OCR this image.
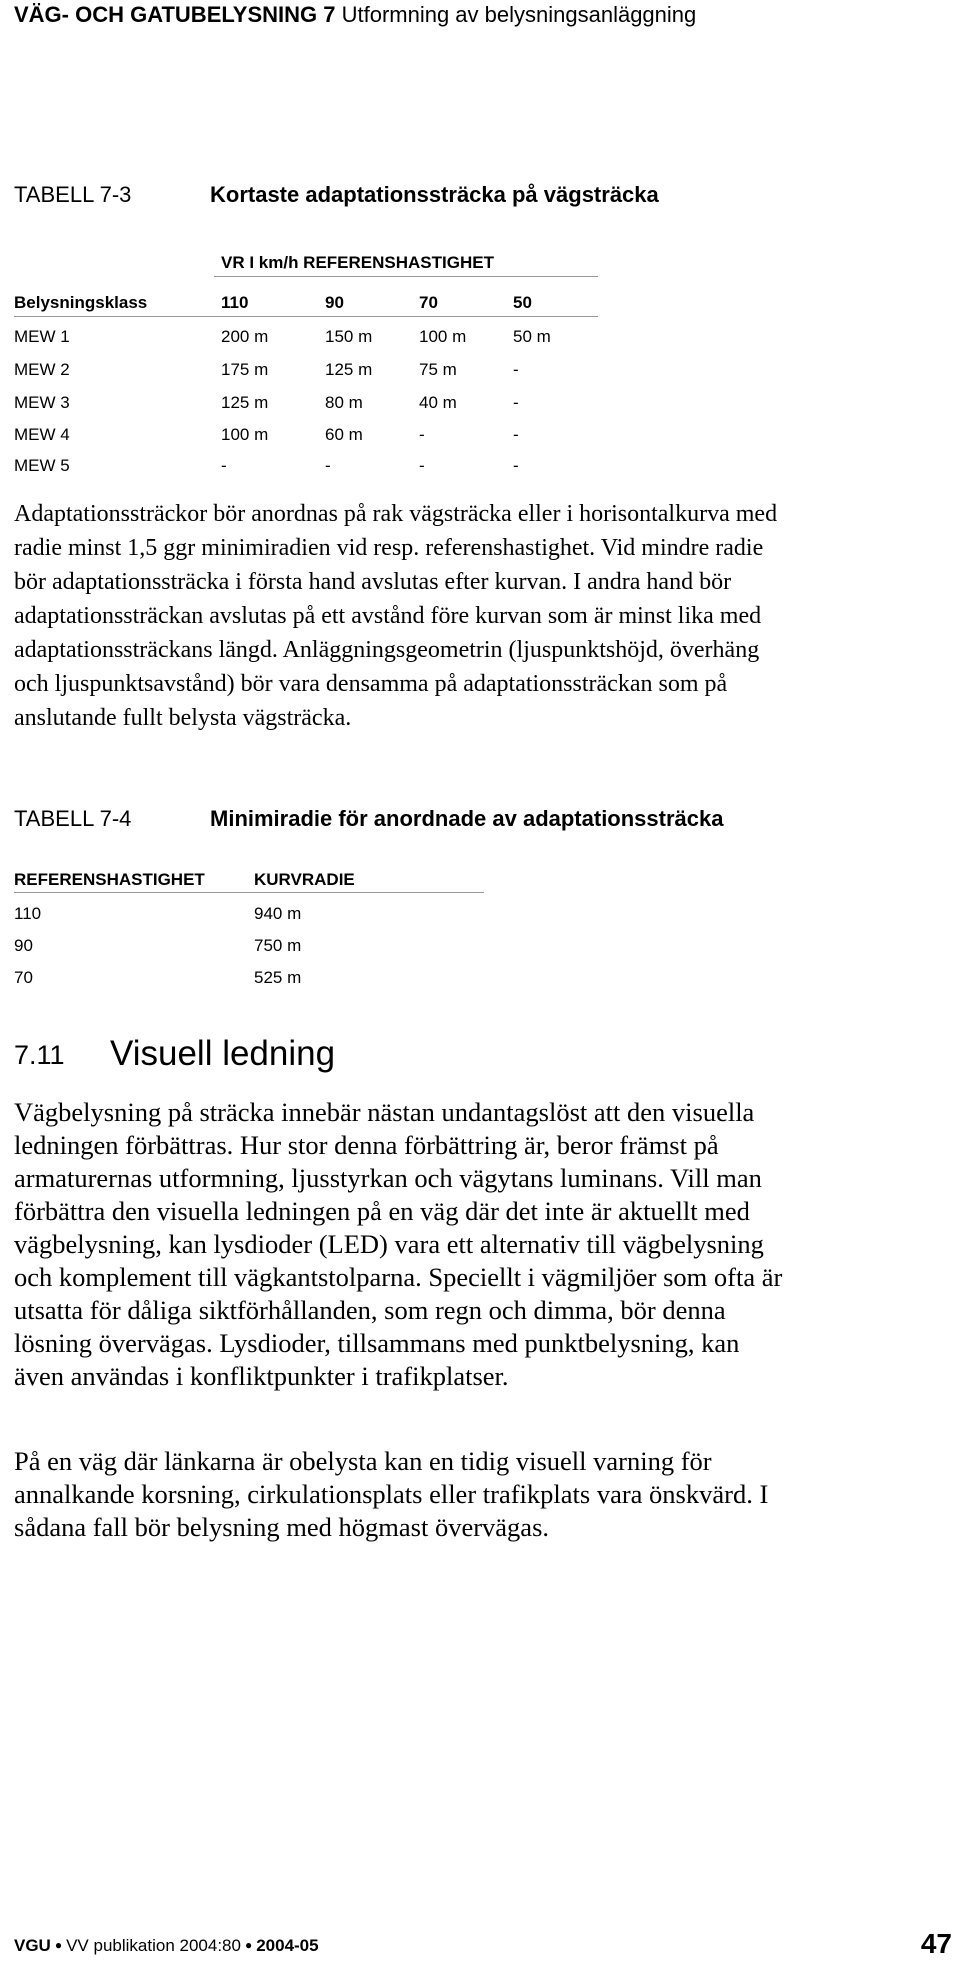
VÄG- OCH GATUBELYSNING 7 Utformning av belysningsanläggning
TABELL 7-3	Kortaste adaptationssträcka på vägsträcka
VR I km/h REFERENSHASTIGHET
Belysningsklass	110	90	70	50
MEW 1	200 m	150 m	100 m	50 m
MEW 2	175 m	125 m	75 m	-
MEW 3	125 m	80 m	40 m	-
MEW 4	100 m	60 m	-	-
MEW 5	-	-	-	-
Adaptationssträckor bör anordnas på rak vägsträcka eller i horisontalkurva med
radie minst 1,5 ggr minimiradien vid resp. referenshastighet. Vid mindre radie
bör adaptationssträcka i första hand avslutas efter kurvan. I andra hand bör
adaptationssträckan avslutas på ett avstånd före kurvan som är minst lika med
adaptationssträckans längd. Anläggningsgeometrin (ljuspunktshöjd, överhäng
och ljuspunktsavstånd) bör vara densamma på adaptationssträckan som på
anslutande fullt belysta vägsträcka.
TABELL 7-4	Minimiradie för anordnade av adaptationssträcka
REFERENSHASTIGHET	KURVRADIE
110	940 m
90	750 m
70	525 m
7.11 Visuell ledning
Vägbelysning på sträcka innebär nästan undantagslöst att den visuella
ledningen förbättras. Hur stor denna förbättring är, beror främst på
armaturernas utformning, ljusstyrkan och vägytans luminans. Vill man
förbättra den visuella ledningen på en väg där det inte är aktuellt med
vägbelysning, kan lysdioder (LED) vara ett alternativ till vägbelysning
och komplement till vägkantstolparna. Speciellt i vägmiljöer som ofta är
utsatta för dåliga siktförhållanden, som regn och dimma, bör denna
lösning övervägas. Lysdioder, tillsammans med punktbelysning, kan
även användas i konfliktpunkter i trafikplatser.
På en väg där länkarna är obelysta kan en tidig visuell varning för
annalkande korsning, cirkulationsplats eller trafikplats vara önskvärd. I
sådana fall bör belysning med högmast övervägas.
VGU ● VV publikation 2004:80 ● 2004-05	47
